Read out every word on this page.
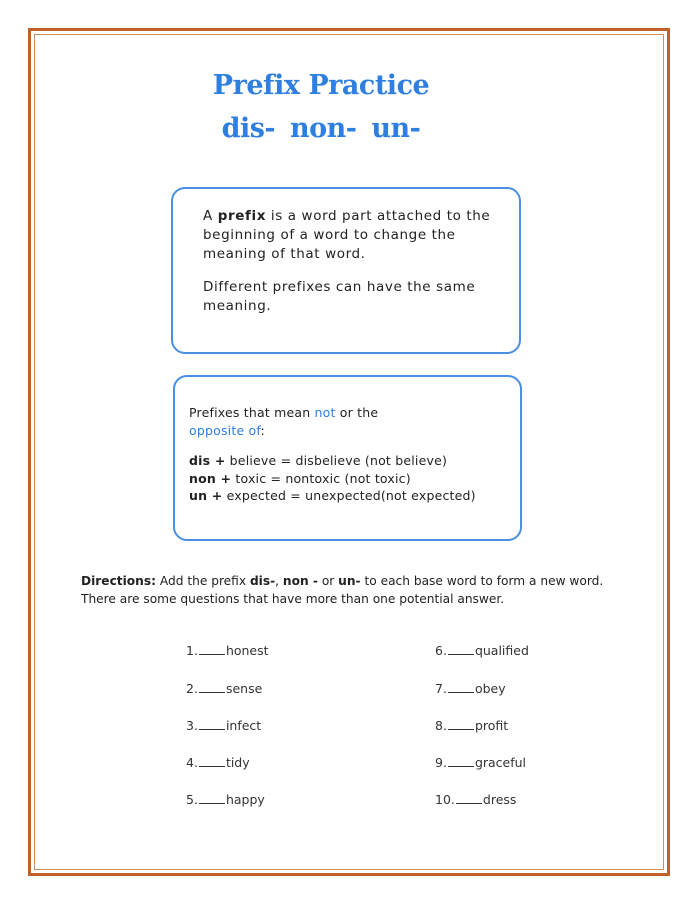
Prefix Practice
dis- non- un-

A prefix is a word part attached to the beginning of a word to change the meaning of that word.

Different prefixes can have the same meaning.

Prefixes that mean not or the
opposite of:

dis + believe = disbelieve (not believe)

non + toxic = nontoxic (not toxic)

un + expected = unexpected(not expected)

Directions: Add the prefix dis-, non - or un- to each base word to form a new word.
There are some questions that have more than one potential answer.
1. honest
2. sense
3. infect
4. tidy
5. happy
6. qualified
7. obey
8. profit
9. graceful
10. dress
